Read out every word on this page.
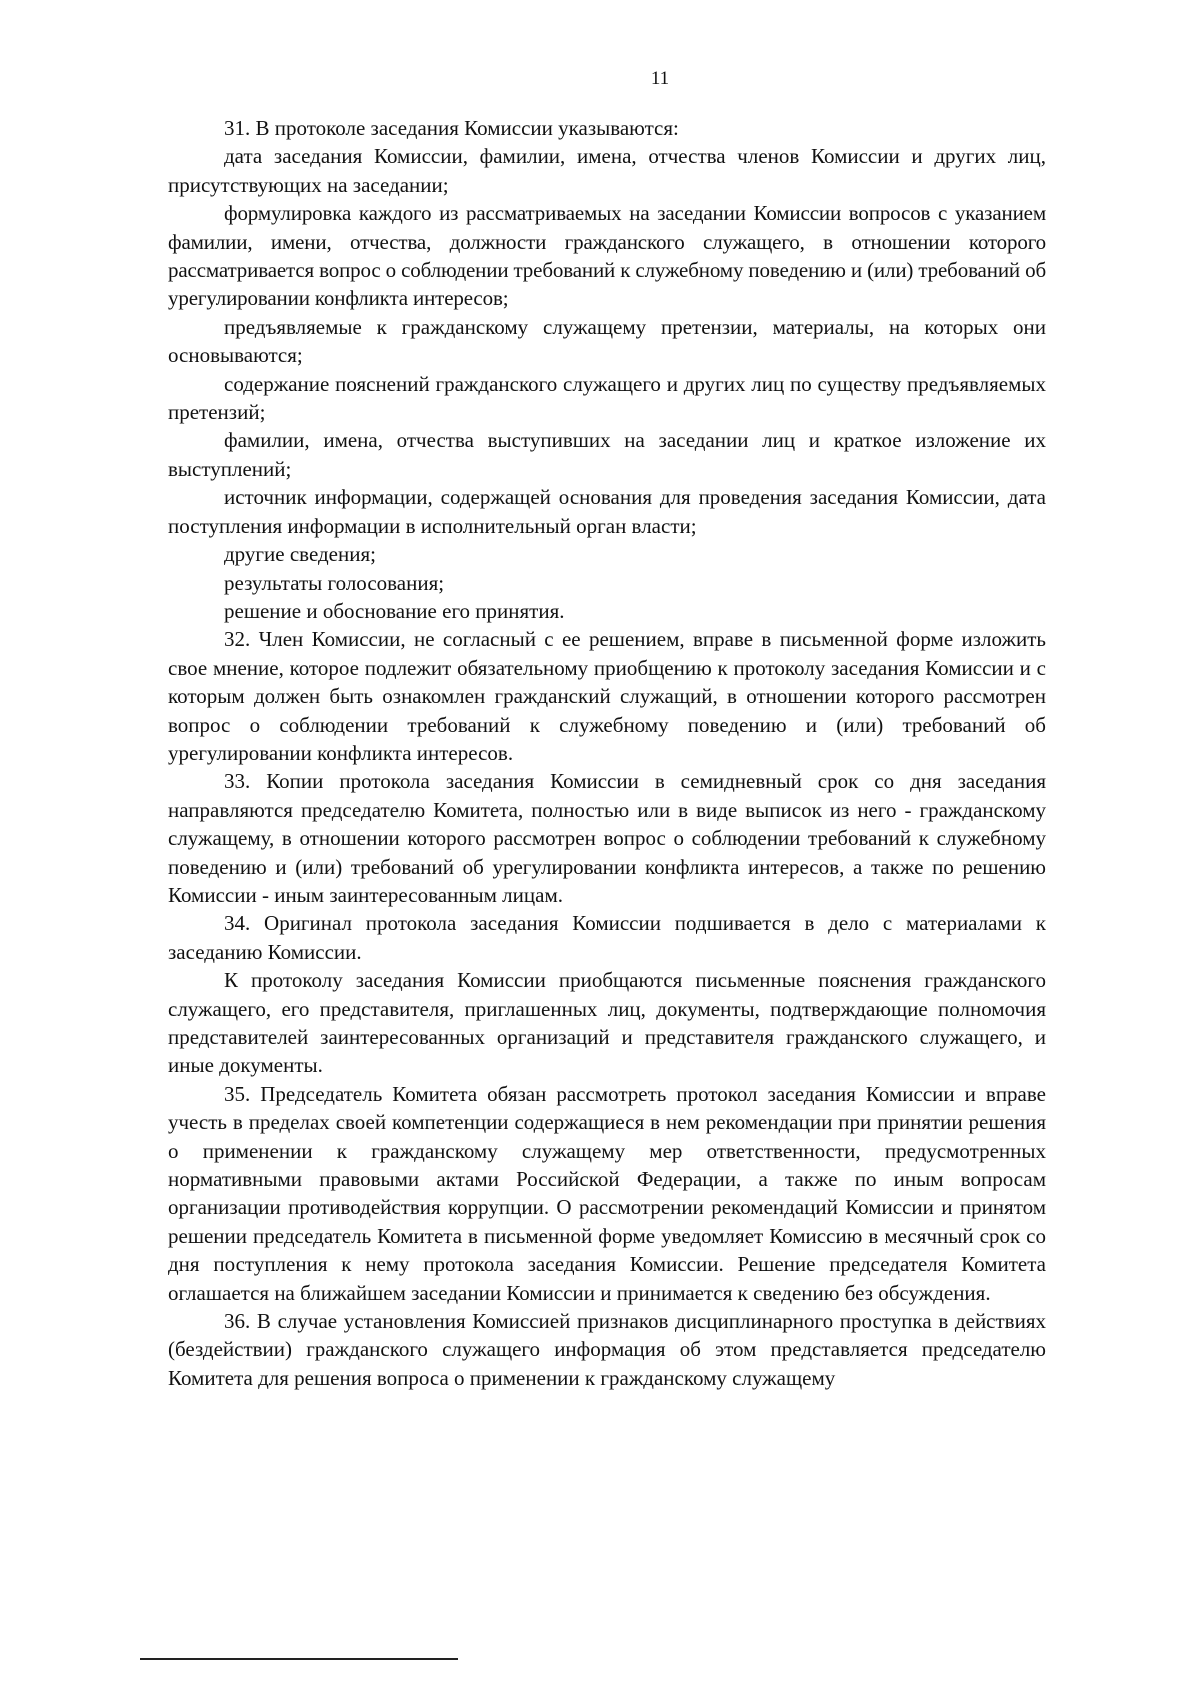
11

31. В протоколе заседания Комиссии указываются:

дата заседания Комиссии, фамилии, имена, отчества членов Комиссии и других лиц, присутствующих на заседании;

формулировка каждого из рассматриваемых на заседании Комиссии вопросов с указанием фамилии, имени, отчества, должности гражданского служащего, в отношении которого рассматривается вопрос о соблюдении требований к служебному поведению и (или) требований об урегулировании конфликта интересов;

предъявляемые к гражданскому служащему претензии, материалы, на которых они основываются;

содержание пояснений гражданского служащего и других лиц по существу предъявляемых претензий;

фамилии, имена, отчества выступивших на заседании лиц и краткое изложение их выступлений;

источник информации, содержащей основания для проведения заседания Комиссии, дата поступления информации в исполнительный орган власти;

другие сведения;

результаты голосования;

решение и обоснование его принятия.

32. Член Комиссии, не согласный с ее решением, вправе в письменной форме изложить свое мнение, которое подлежит обязательному приобщению к протоколу заседания Комиссии и с которым должен быть ознакомлен гражданский служащий, в отношении которого рассмотрен вопрос о соблюдении требований к служебному поведению и (или) требований об урегулировании конфликта интересов.

33. Копии протокола заседания Комиссии в семидневный срок со дня заседания направляются председателю Комитета, полностью или в виде выписок из него - гражданскому служащему, в отношении которого рассмотрен вопрос о соблюдении требований к служебному поведению и (или) требований об урегулировании конфликта интересов, а также по решению Комиссии - иным заинтересованным лицам.

34. Оригинал протокола заседания Комиссии подшивается в дело с материалами к заседанию Комиссии.

К протоколу заседания Комиссии приобщаются письменные пояснения гражданского служащего, его представителя, приглашенных лиц, документы, подтверждающие полномочия представителей заинтересованных организаций и представителя гражданского служащего, и иные документы.

35. Председатель Комитета обязан рассмотреть протокол заседания Комиссии и вправе учесть в пределах своей компетенции содержащиеся в нем рекомендации при принятии решения о применении к гражданскому служащему мер ответственности, предусмотренных нормативными правовыми актами Российской Федерации, а также по иным вопросам организации противодействия коррупции. О рассмотрении рекомендаций Комиссии и принятом решении председатель Комитета в письменной форме уведомляет Комиссию в месячный срок со дня поступления к нему протокола заседания Комиссии. Решение председателя Комитета оглашается на ближайшем заседании Комиссии и принимается к сведению без обсуждения.

36. В случае установления Комиссией признаков дисциплинарного проступка в действиях (бездействии) гражданского служащего информация об этом представляется председателю Комитета для решения вопроса о применении к гражданскому служащему
